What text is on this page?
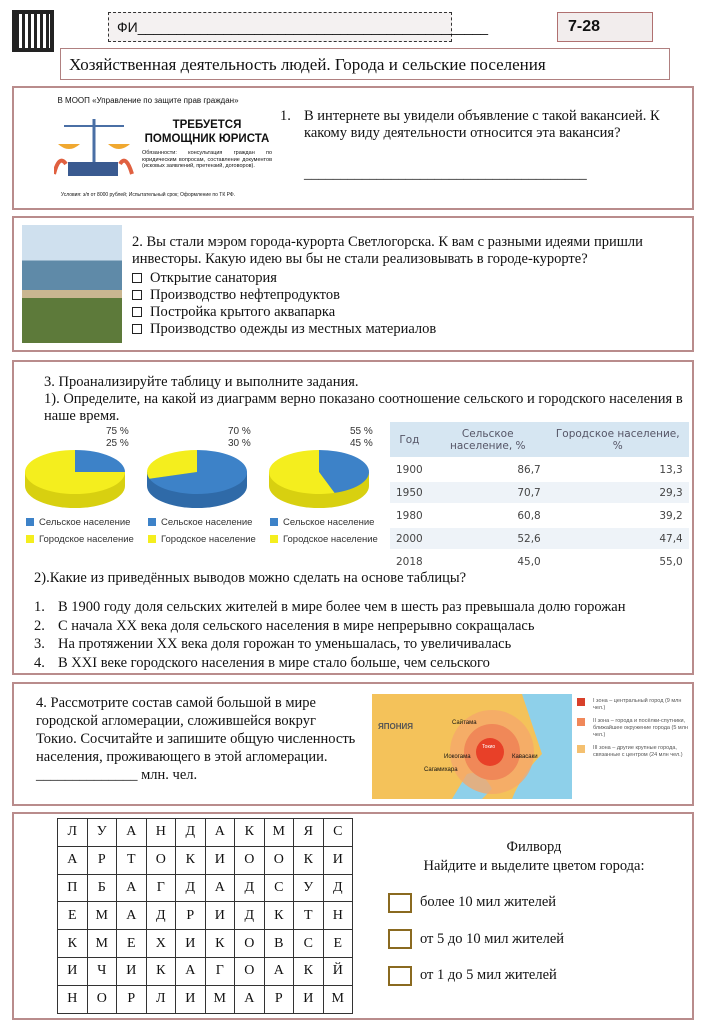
ФИ_____________________________________________	7-28
Хозяйственная деятельность людей. Города и сельские поселения
В МООП «Управление по защите прав граждан»
ТРЕБУЕТСЯ
ПОМОЩНИК ЮРИСТА
Обязанности: консультация граждан по юридическим вопросам, составление документов (исковых заявлений, претензий, договоров).
Условия: з/п от 8000 рублей; Испытательный срок; Оформление по ТК РФ.
1. В интернете вы увидели объявление с такой вакансией. К какому виду деятельности относится эта вакансия?
_______________________________________
2. Вы стали мэром города-курорта Светлогорска. К вам с разными идеями пришли инвесторы. Какую идею вы бы не стали реализовывать в городе-курорте?
Открытие санатория
Производство нефтепродуктов
Постройка крытого аквапарка
Производство одежды из местных материалов
3. Проанализируйте таблицу и выполните задания.
1). Определите, на какой из диаграмм верно показано соотношение сельского и городского населения в наше время.
75 %
25 %
Сельское население
Городское население
70 %
30 %
Сельское население
Городское население
55 %
45 %
Сельское население
Городское население
Год	Сельское население, %	Городское население, %
1900	86,7	13,3
1950	70,7	29,3
1980	60,8	39,2
2000	52,6	47,4
2018	45,0	55,0
2).Какие из приведённых выводов можно сделать на основе таблицы?
1. В 1900 году доля сельских жителей в мире более чем в шесть раз превышала долю горожан
2. С начала XX века доля сельского населения в мире непрерывно сокращалась
3. На протяжении XX века доля горожан то уменьшалась, то увеличивалась
4. В XXI веке городского населения в мире стало больше, чем сельского
4. Рассмотрите состав самой большой в мире городской агломерации, сложившейся вокруг Токио. Сосчитайте и запишите общую численность населения, проживающего в этой агломерации. ______________ млн. чел.
ЯПОНИЯ	Сайтама
Токио
Иокогама	Кавасаки
Сагамихара
I зона – центральный город (9 млн чел.)
II зона – города и посёлки-спутники, ближайшее окружение города (5 млн чел.)
III зона – другие крупные города, связанные с центром (24 млн чел.)
Л	У	А	Н	Д	А	К	М	Я	С
А	Р	Т	О	К	И	О	О	К	И
П	Б	А	Г	Д	А	Д	С	У	Д
Е	М	А	Д	Р	И	Д	К	Т	Н
К	М	Е	Х	И	К	О	В	С	Е
И	Ч	И	К	А	Г	О	А	К	Й
Н	О	Р	Л	И	М	А	Р	И	М
Филворд
Найдите и выделите цветом города:
более 10 мил жителей
от 5 до 10 мил жителей
от 1 до 5 мил жителей
